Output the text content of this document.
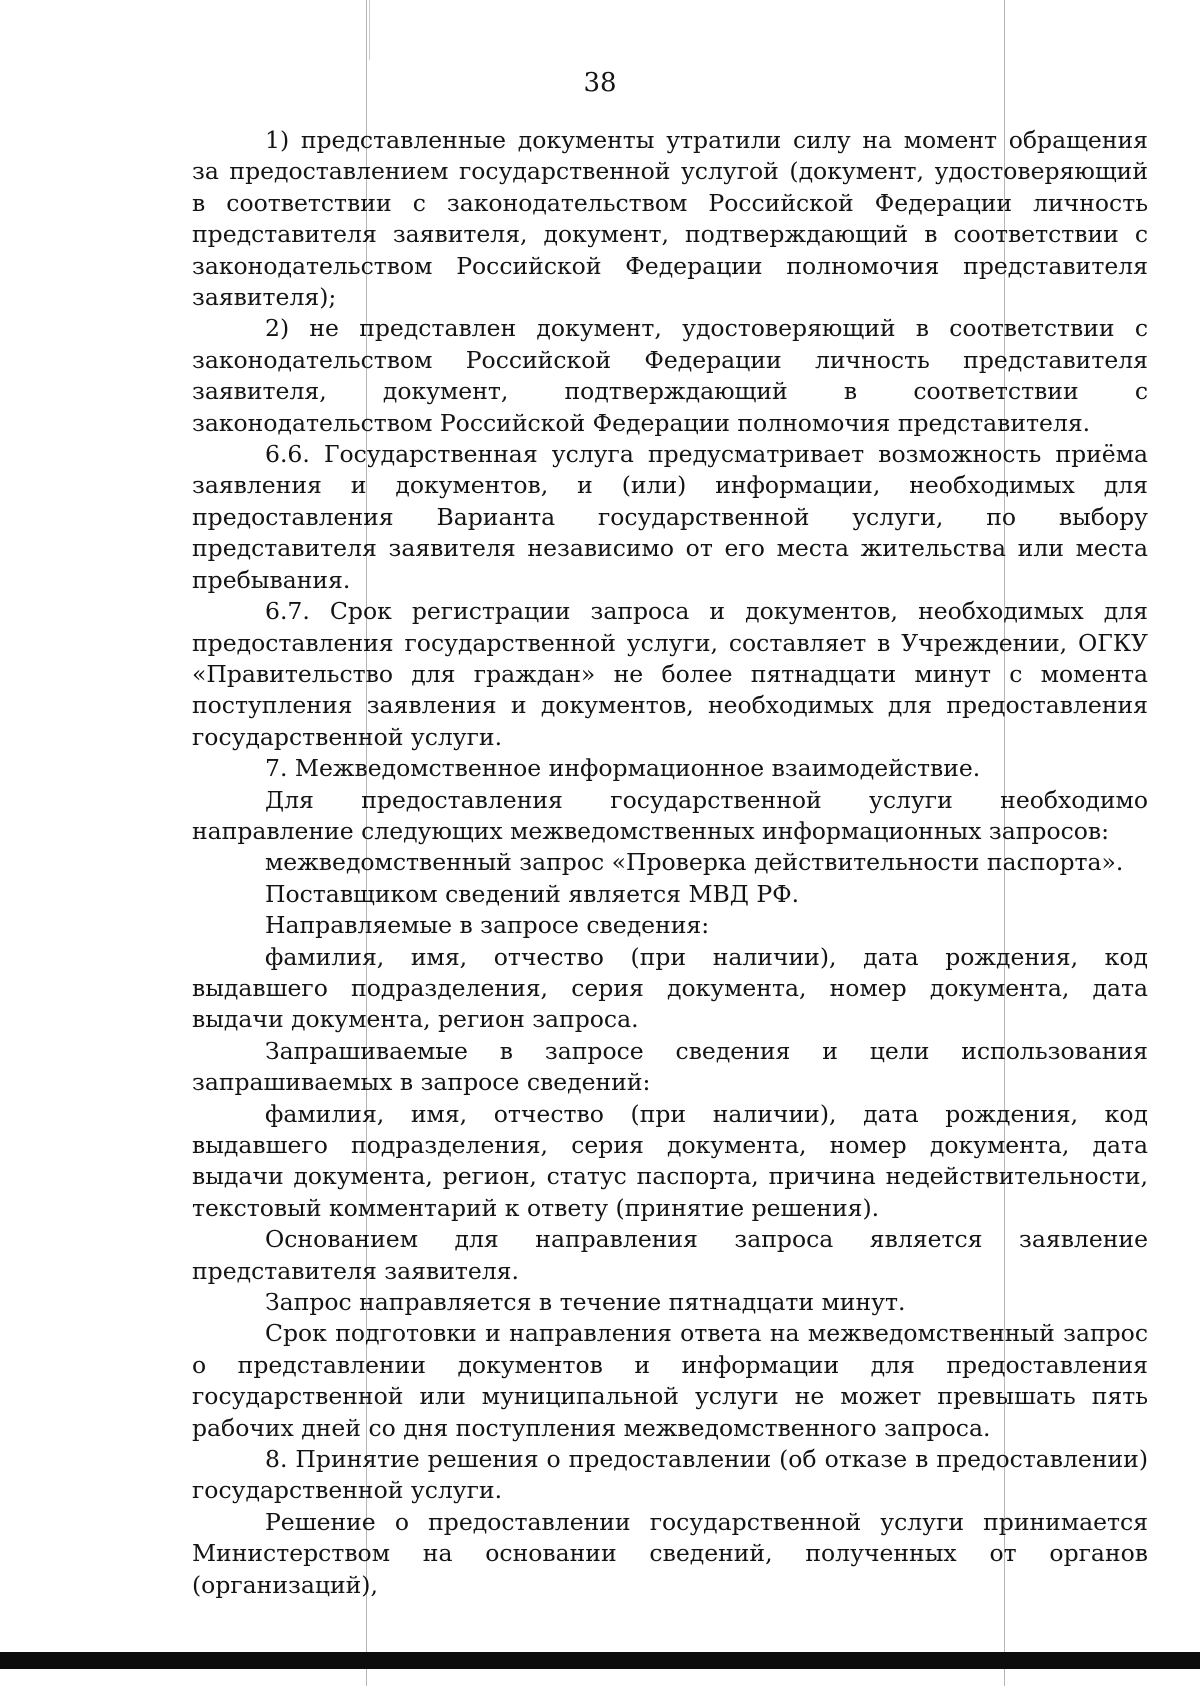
38

1) представленные документы утратили силу на момент обращения за предоставлением государственной услугой (документ, удостоверяющий в соответствии с законодательством Российской Федерации личность представителя заявителя, документ, подтверждающий в соответствии с законодательством Российской Федерации полномочия представителя заявителя);

2) не представлен документ, удостоверяющий в соответствии с законодательством Российской Федерации личность представителя заявителя, документ, подтверждающий в соответствии с законодательством Российской Федерации полномочия представителя.

6.6. Государственная услуга предусматривает возможность приёма заявления и документов, и (или) информации, необходимых для предоставления Варианта государственной услуги, по выбору представителя заявителя независимо от его места жительства или места пребывания.

6.7. Срок регистрации запроса и документов, необходимых для предоставления государственной услуги, составляет в Учреждении, ОГКУ «Правительство для граждан» не более пятнадцати минут с момента поступления заявления и документов, необходимых для предоставления государственной услуги.

7. Межведомственное информационное взаимодействие.

Для предоставления государственной услуги необходимо направление следующих межведомственных информационных запросов:

межведомственный запрос «Проверка действительности паспорта».

Поставщиком сведений является МВД РФ.

Направляемые в запросе сведения:

фамилия, имя, отчество (при наличии), дата рождения, код выдавшего подразделения, серия документа, номер документа, дата выдачи документа, регион запроса.

Запрашиваемые в запросе сведения и цели использования запрашиваемых в запросе сведений:

фамилия, имя, отчество (при наличии), дата рождения, код выдавшего подразделения, серия документа, номер документа, дата выдачи документа, регион, статус паспорта, причина недействительности, текстовый комментарий к ответу (принятие решения).

Основанием для направления запроса является заявление представителя заявителя.

Запрос направляется в течение пятнадцати минут.

Срок подготовки и направления ответа на межведомственный запрос о представлении документов и информации для предоставления государственной или муниципальной услуги не может превышать пять рабочих дней со дня поступления межведомственного запроса.

8. Принятие решения о предоставлении (об отказе в предоставлении) государственной услуги.

Решение о предоставлении государственной услуги принимается Министерством на основании сведений, полученных от органов (организаций),
